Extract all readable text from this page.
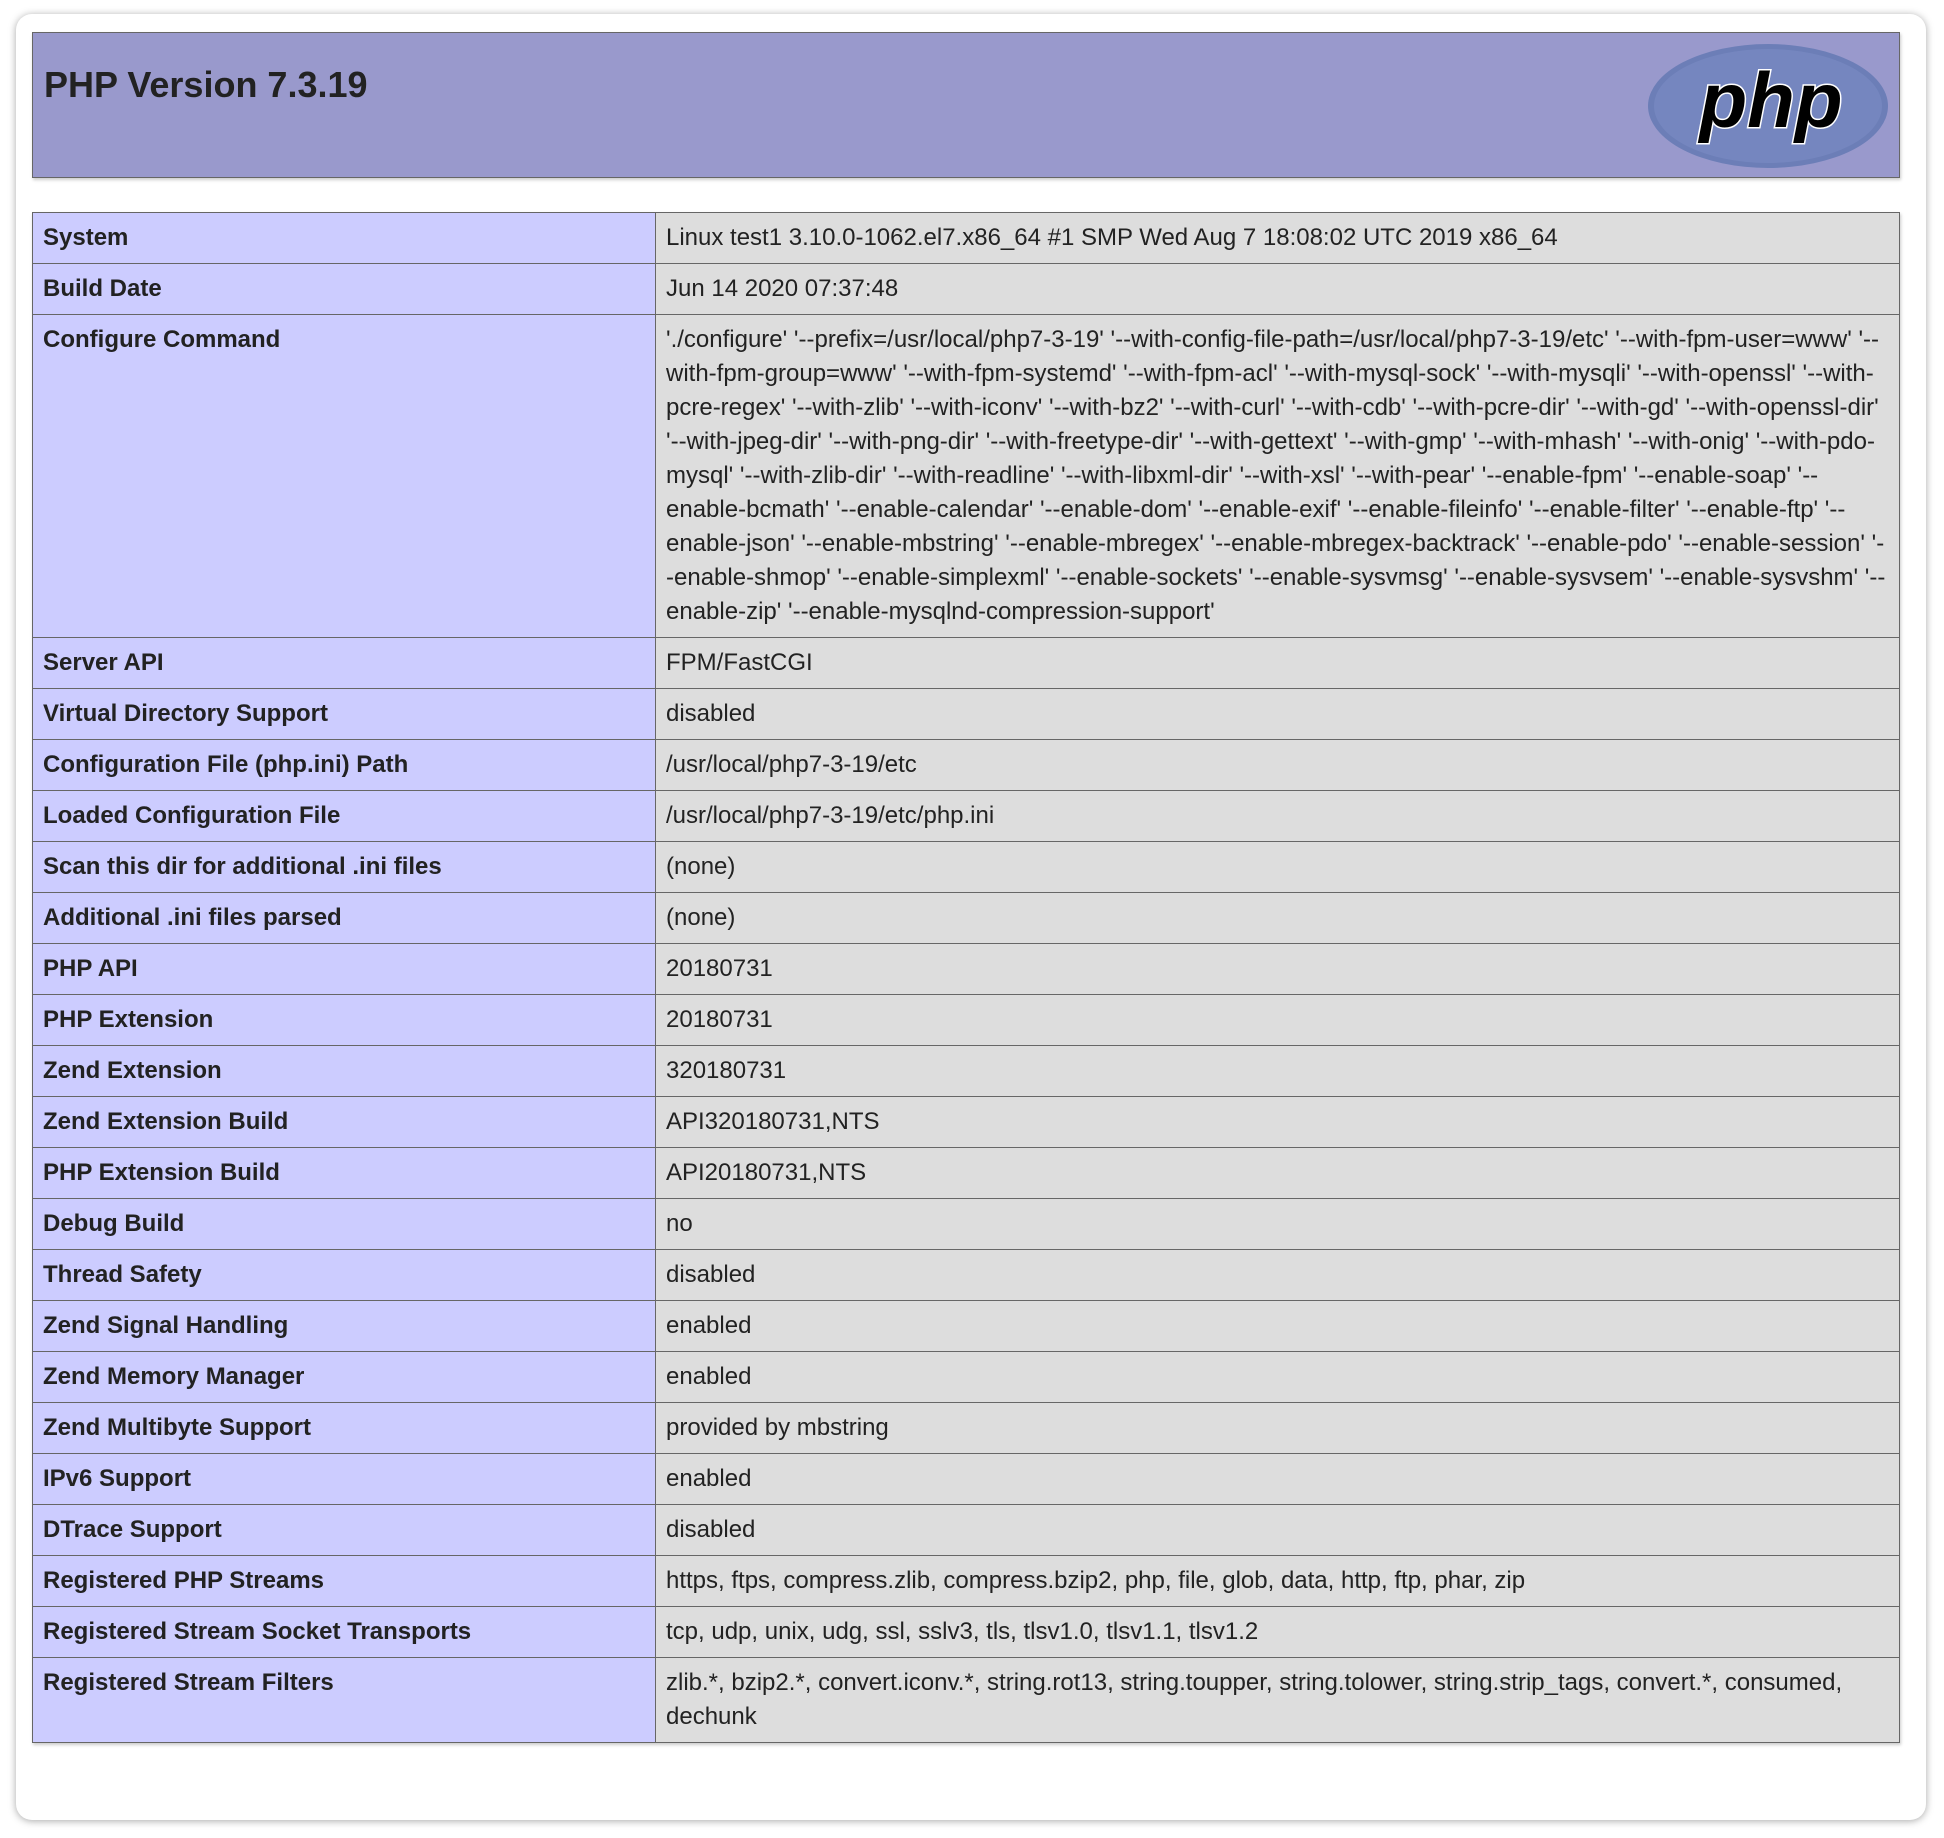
PHP Version 7.3.19	php
System	Linux test1 3.10.0-1062.el7.x86_64 #1 SMP Wed Aug 7 18:08:02 UTC 2019 x86_64
Build Date	Jun 14 2020 07:37:48
Configure Command	'./configure' '--prefix=/usr/local/php7-3-19' '--with-config-file-path=/usr/local/php7-3-19/etc' '--with-fpm-user=www' '--with-fpm-group=www' '--with-fpm-systemd' '--with-fpm-acl' '--with-mysql-sock' '--with-mysqli' '--with-openssl' '--with-pcre-regex' '--with-zlib' '--with-iconv' '--with-bz2' '--with-curl' '--with-cdb' '--with-pcre-dir' '--with-gd' '--with-openssl-dir' '--with-jpeg-dir' '--with-png-dir' '--with-freetype-dir' '--with-gettext' '--with-gmp' '--with-mhash' '--with-onig' '--with-pdo-mysql' '--with-zlib-dir' '--with-readline' '--with-libxml-dir' '--with-xsl' '--with-pear' '--enable-fpm' '--enable-soap' '--enable-bcmath' '--enable-calendar' '--enable-dom' '--enable-exif' '--enable-fileinfo' '--enable-filter' '--enable-ftp' '--enable-json' '--enable-mbstring' '--enable-mbregex' '--enable-mbregex-backtrack' '--enable-pdo' '--enable-session' '--enable-shmop' '--enable-simplexml' '--enable-sockets' '--enable-sysvmsg' '--enable-sysvsem' '--enable-sysvshm' '--enable-zip' '--enable-mysqlnd-compression-support'
Server API	FPM/FastCGI
Virtual Directory Support	disabled
Configuration File (php.ini) Path	/usr/local/php7-3-19/etc
Loaded Configuration File	/usr/local/php7-3-19/etc/php.ini
Scan this dir for additional .ini files	(none)
Additional .ini files parsed	(none)
PHP API	20180731
PHP Extension	20180731
Zend Extension	320180731
Zend Extension Build	API320180731,NTS
PHP Extension Build	API20180731,NTS
Debug Build	no
Thread Safety	disabled
Zend Signal Handling	enabled
Zend Memory Manager	enabled
Zend Multibyte Support	provided by mbstring
IPv6 Support	enabled
DTrace Support	disabled
Registered PHP Streams	https, ftps, compress.zlib, compress.bzip2, php, file, glob, data, http, ftp, phar, zip
Registered Stream Socket Transports	tcp, udp, unix, udg, ssl, sslv3, tls, tlsv1.0, tlsv1.1, tlsv1.2
Registered Stream Filters	zlib.*, bzip2.*, convert.iconv.*, string.rot13, string.toupper, string.tolower, string.strip_tags, convert.*, consumed, dechunk
